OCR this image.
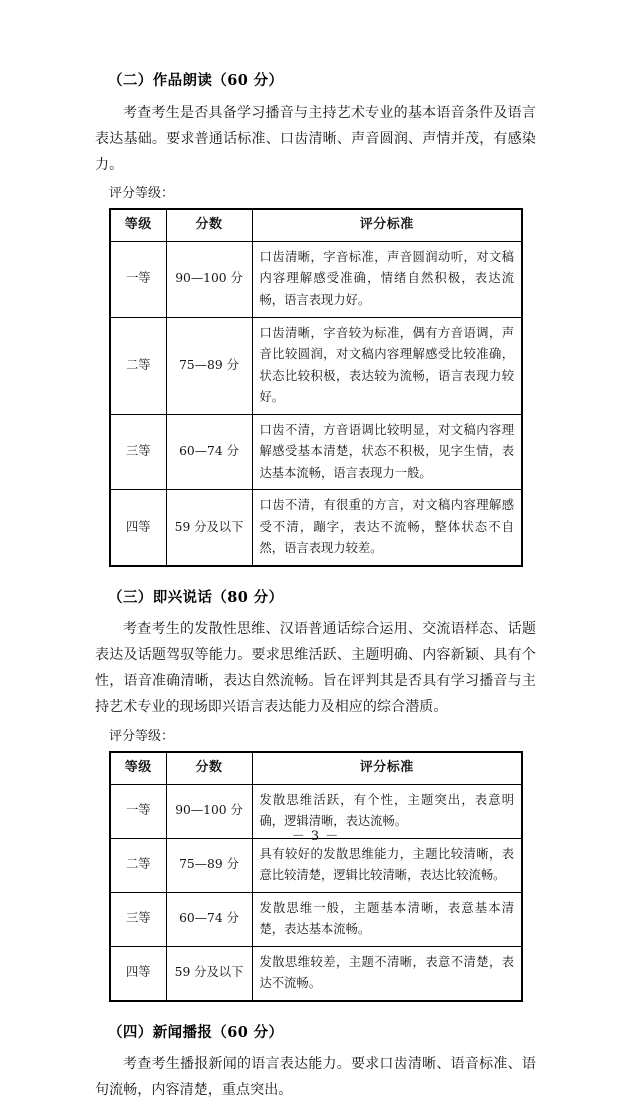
（二）作品朗读（60 分）

考查考生是否具备学习播音与主持艺术专业的基本语音条件及语言表达基础。要求普通话标准、口齿清晰、声音圆润、声情并茂，有感染力。

评分等级：
等级	分数	评分标准
一等	90—100 分	口齿清晰，字音标准，声音圆润动听，对文稿内容理解感受准确，情绪自然积极，表达流畅，语言表现力好。
二等	75—89 分	口齿清晰，字音较为标准，偶有方音语调，声音比较圆润，对文稿内容理解感受比较准确，状态比较积极，表达较为流畅，语言表现力较好。
三等	60—74 分	口齿不清，方音语调比较明显，对文稿内容理解感受基本清楚，状态不积极，见字生情，表达基本流畅，语言表现力一般。
四等	59 分及以下	口齿不清，有很重的方言，对文稿内容理解感受不清，蹦字，表达不流畅，整体状态不自然，语言表现力较差。
（三）即兴说话（80 分）

考查考生的发散性思维、汉语普通话综合运用、交流语样态、话题表达及话题驾驭等能力。要求思维活跃、主题明确、内容新颖、具有个性，语音准确清晰，表达自然流畅。旨在评判其是否具有学习播音与主持艺术专业的现场即兴语言表达能力及相应的综合潜质。

评分等级：
等级	分数	评分标准
一等	90—100 分	发散思维活跃，有个性，主题突出，表意明确，逻辑清晰，表达流畅。
二等	75—89 分	具有较好的发散思维能力，主题比较清晰，表意比较清楚，逻辑比较清晰，表达比较流畅。
三等	60—74 分	发散思维一般，主题基本清晰，表意基本清楚，表达基本流畅。
四等	59 分及以下	发散思维较差，主题不清晰，表意不清楚，表达不流畅。
（四）新闻播报（60 分）

考查考生播报新闻的语言表达能力。要求口齿清晰、语音标准、语句流畅，内容清楚，重点突出。

－ 3 －
